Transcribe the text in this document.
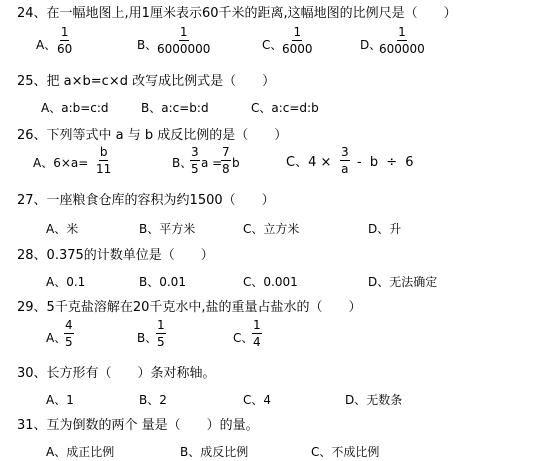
24、在一幅地图上,用1厘米表示60千米的距离,这幅地图的比例尺是（　　）
A、 $\frac{1}{60}$	B、 $\frac{1}{6000000}$	C、 $\frac{1}{6000}$	D、
$\frac{1}{600000}$
25、把 a×b=c×d 改写成比例式是（　　）
A、a:b=c:d	B、a:c=b:d	C、a:c=d:b
26、下列等式中 a 与 b 成反比例的是（　　）
A、$6\times a= \frac{b}{11}$	B、
$\frac{3}{5}$ a =
$\frac{7}{8}$ b	C、$4 \times \frac{3}{a} - b \div 6$
27、一座粮食仓库的容积为约1500（　　）
A、米	B、平方米	C、立方米	D、升
28、0.375的计数单位是（　　）
A、0.1	B、0.01	C、0.001	D、无法确定
29、5千克盐溶解在20千克水中,盐的重量占盐水的（　　）
A、
$\frac{4}{5}$	B、
$\frac{1}{5}$	C、
$\frac{1}{4}$
30、长方形有（　　）条对称轴。
A、1	B、2	C、4	D、无数条
31、互为倒数的两个 量是（　　）的量。
A、成正比例	B、成反比例	C、不成比例
